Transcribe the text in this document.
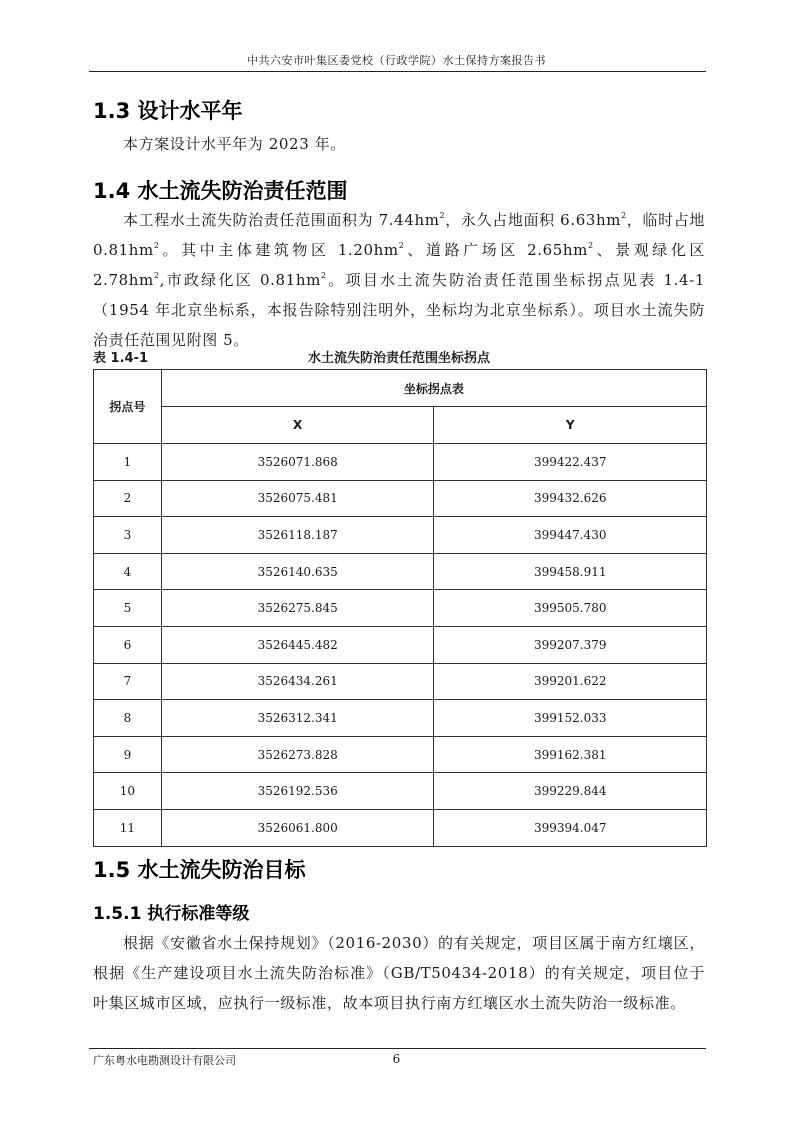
中共六安市叶集区委党校（行政学院）水土保持方案报告书
1.3 设计水平年
本方案设计水平年为 2023 年。
1.4 水土流失防治责任范围
本工程水土流失防治责任范围面积为 $7.44hm^2$，永久占地面积 $6.63hm^2$，临时占地 $0.81hm^2$。其中主体建筑物区 $1.20hm^2$、道路广场区 $2.65hm^2$、景观绿化区 $2.78hm^2$,市政绿化区 $0.81hm^2$。项目水土流失防治责任范围坐标拐点见表 1.4-1（1954 年北京坐标系，本报告除特别注明外，坐标均为北京坐标系）。项目水土流失防治责任范围见附图 5。
表 1.4-1	水土流失防治责任范围坐标拐点
拐点号	坐标拐点表	
	X	Y
1	3526071.868	399422.437
2	3526075.481	399432.626
3	3526118.187	399447.430
4	3526140.635	399458.911
5	3526275.845	399505.780
6	3526445.482	399207.379
7	3526434.261	399201.622
8	3526312.341	399152.033
9	3526273.828	399162.381
10	3526192.536	399229.844
11	3526061.800	399394.047
1.5 水土流失防治目标
1.5.1 执行标准等级
根据《安徽省水土保持规划》（2016-2030）的有关规定，项目区属于南方红壤区，根据《生产建设项目水土流失防治标准》（GB/T50434-2018）的有关规定，项目位于叶集区城市区域，应执行一级标准，故本项目执行南方红壤区水土流失防治一级标准。
广东粤水电勘测设计有限公司	6
